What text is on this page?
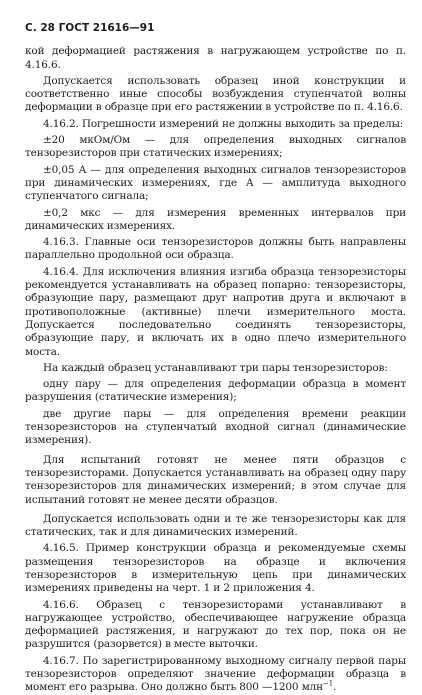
С. 28 ГОСТ 21616—91

кой деформацией растяжения в нагружающем устройстве по п. 4.16.6.

Допускается использовать образец иной конструкции и соответственно иные способы возбуждения ступенчатой волны деформации в образце при его растяжении в устройстве по п. 4.16.6.

4.16.2. Погрешности измерений не должны выходить за пределы:

±20 мкОм/Ом — для определения выходных сигналов тензорезисторов при статических измерениях;

±0,05 A — для определения выходных сигналов тензорезисторов при динамических измерениях, где A — амплитуда выходного ступенчатого сигнала;

±0,2 мкс — для измерения временных интервалов при динамических измерениях.

4.16.3. Главные оси тензорезисторов должны быть направлены параллельно продольной оси образца.

4.16.4. Для исключения влияния изгиба образца тензорезисторы рекомендуется устанавливать на образец попарно: тензорезисторы, образующие пару, размещают друг напротив друга и включают в противоположные (активные) плечи измерительного моста. Допускается последовательно соединять тензорезисторы, образующие пару, и включать их в одно плечо измерительного моста.

На каждый образец устанавливают три пары тензорезисторов:

одну пару — для определения деформации образца в момент разрушения (статические измерения);

две другие пары — для определения времени реакции тензорезисторов на ступенчатый входной сигнал (динамические измерения).

Для испытаний готовят не менее пяти образцов с тензорезисторами. Допускается устанавливать на образец одну пару тензорезисторов для динамических измерений; в этом случае для испытаний готовят не менее десяти образцов.

Допускается использовать одни и те же тензорезисторы как для статических, так и для динамических измерений.

4.16.5. Пример конструкции образца и рекомендуемые схемы размещения тензорезисторов на образце и включения тензорезисторов в измерительную цепь при динамических измерениях приведены на черт. 1 и 2 приложения 4.

4.16.6. Образец с тензорезисторами устанавливают в нагружающее устройство, обеспечивающее нагружение образца деформацией растяжения, и нагружают до тех пор, пока он не разрушится (разорвется) в месте выточки.

4.16.7. По зарегистрированному выходному сигналу первой пары тензорезисторов определяют значение деформации образца в момент его разрыва. Оно должно быть 800 —1200 млн$^{-1}$.
